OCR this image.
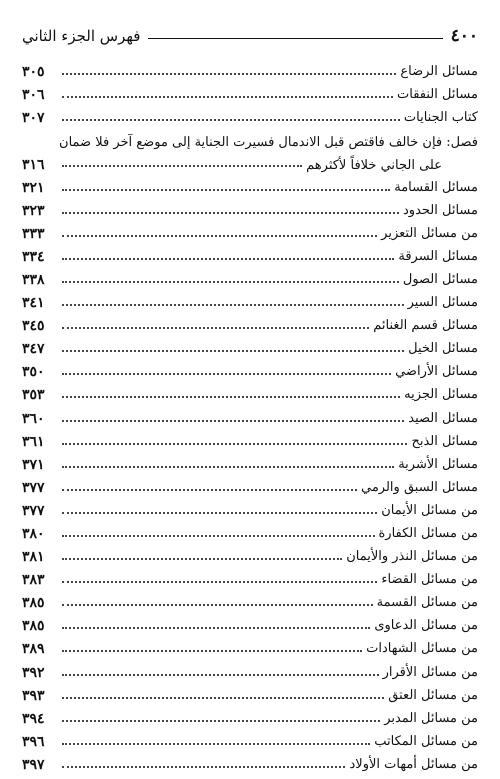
٤٠٠
فهرس الجزء الثاني
مسائل الرضاع
٣٠٥
مسائل النفقات
٣٠٦
كتاب الجنايات
٣٠٧
فصل: فإن خالف فاقتص قبل الاندمال فسيرت الجناية إلى موضع آخر فلا ضمان
على الجاني خلافاً لأكثرهم
٣١٦
مسائل القسامة
٣٢١
مسائل الحدود
٣٢٣
من مسائل التعزير
٣٣٣
مسائل السرقة
٣٣٤
مسائل الصول
٣٣٨
مسائل السير
٣٤١
مسائل قسم الغنائم
٣٤٥
مسائل الخيل
٣٤٧
مسائل الأراضي
٣٥٠
مسائل الجزيه
٣٥٣
مسائل الصيد
٣٦٠
مسائل الذبح
٣٦١
مسائل الأشربة
٣٧١
مسائل السبق والرمي
٣٧٧
من مسائل الأيمان
٣٧٧
من مسائل الكفارة
٣٨٠
من مسائل النذر والأيمان
٣٨١
من مسائل القضاء
٣٨٣
من مسائل القسمة
٣٨٥
من مسائل الدعاوى
٣٨٥
من مسائل الشهادات
٣٨٩
من مسائل الأقرار
٣٩٢
من مسائل العتق
٣٩٣
من مسائل المدبر
٣٩٤
من مسائل المكاتب
٣٩٦
من مسائل أمهات الأولاد
٣٩٧
